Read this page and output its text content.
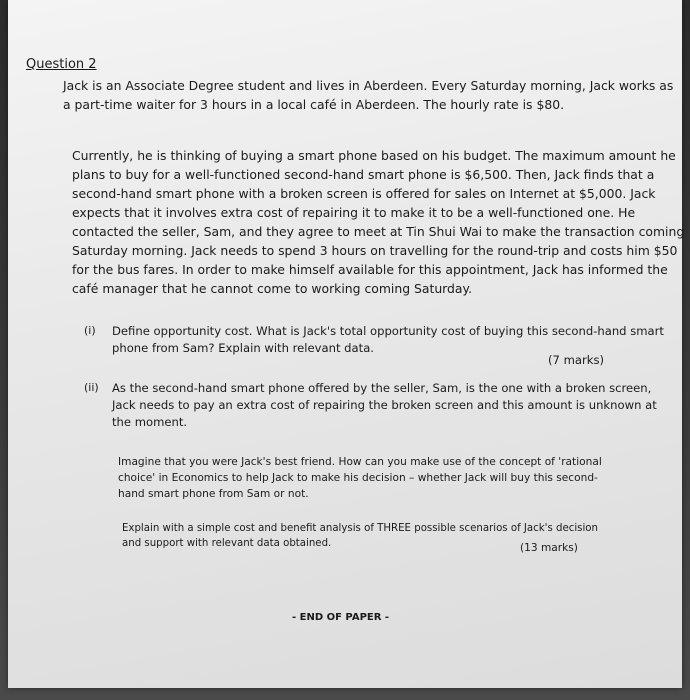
Question 2
Jack is an Associate Degree student and lives in Aberdeen. Every Saturday morning, Jack works as
a part-time waiter for 3 hours in a local café in Aberdeen. The hourly rate is $80.
Currently, he is thinking of buying a smart phone based on his budget. The maximum amount he
plans to buy for a well-functioned second-hand smart phone is $6,500. Then, Jack finds that a
second-hand smart phone with a broken screen is offered for sales on Internet at $5,000. Jack
expects that it involves extra cost of repairing it to make it to be a well-functioned one. He
contacted the seller, Sam, and they agree to meet at Tin Shui Wai to make the transaction coming
Saturday morning. Jack needs to spend 3 hours on travelling for the round-trip and costs him $50
for the bus fares. In order to make himself available for this appointment, Jack has informed the
café manager that he cannot come to working coming Saturday.
(i) Define opportunity cost. What is Jack's total opportunity cost of buying this second-hand smart
phone from Sam? Explain with relevant data.
(7 marks)
(ii) As the second-hand smart phone offered by the seller, Sam, is the one with a broken screen,
Jack needs to pay an extra cost of repairing the broken screen and this amount is unknown at
the moment.
Imagine that you were Jack's best friend. How can you make use of the concept of 'rational
choice' in Economics to help Jack to make his decision – whether Jack will buy this second-
hand smart phone from Sam or not.
Explain with a simple cost and benefit analysis of THREE possible scenarios of Jack's decision
and support with relevant data obtained.	(13 marks)
- END OF PAPER -
